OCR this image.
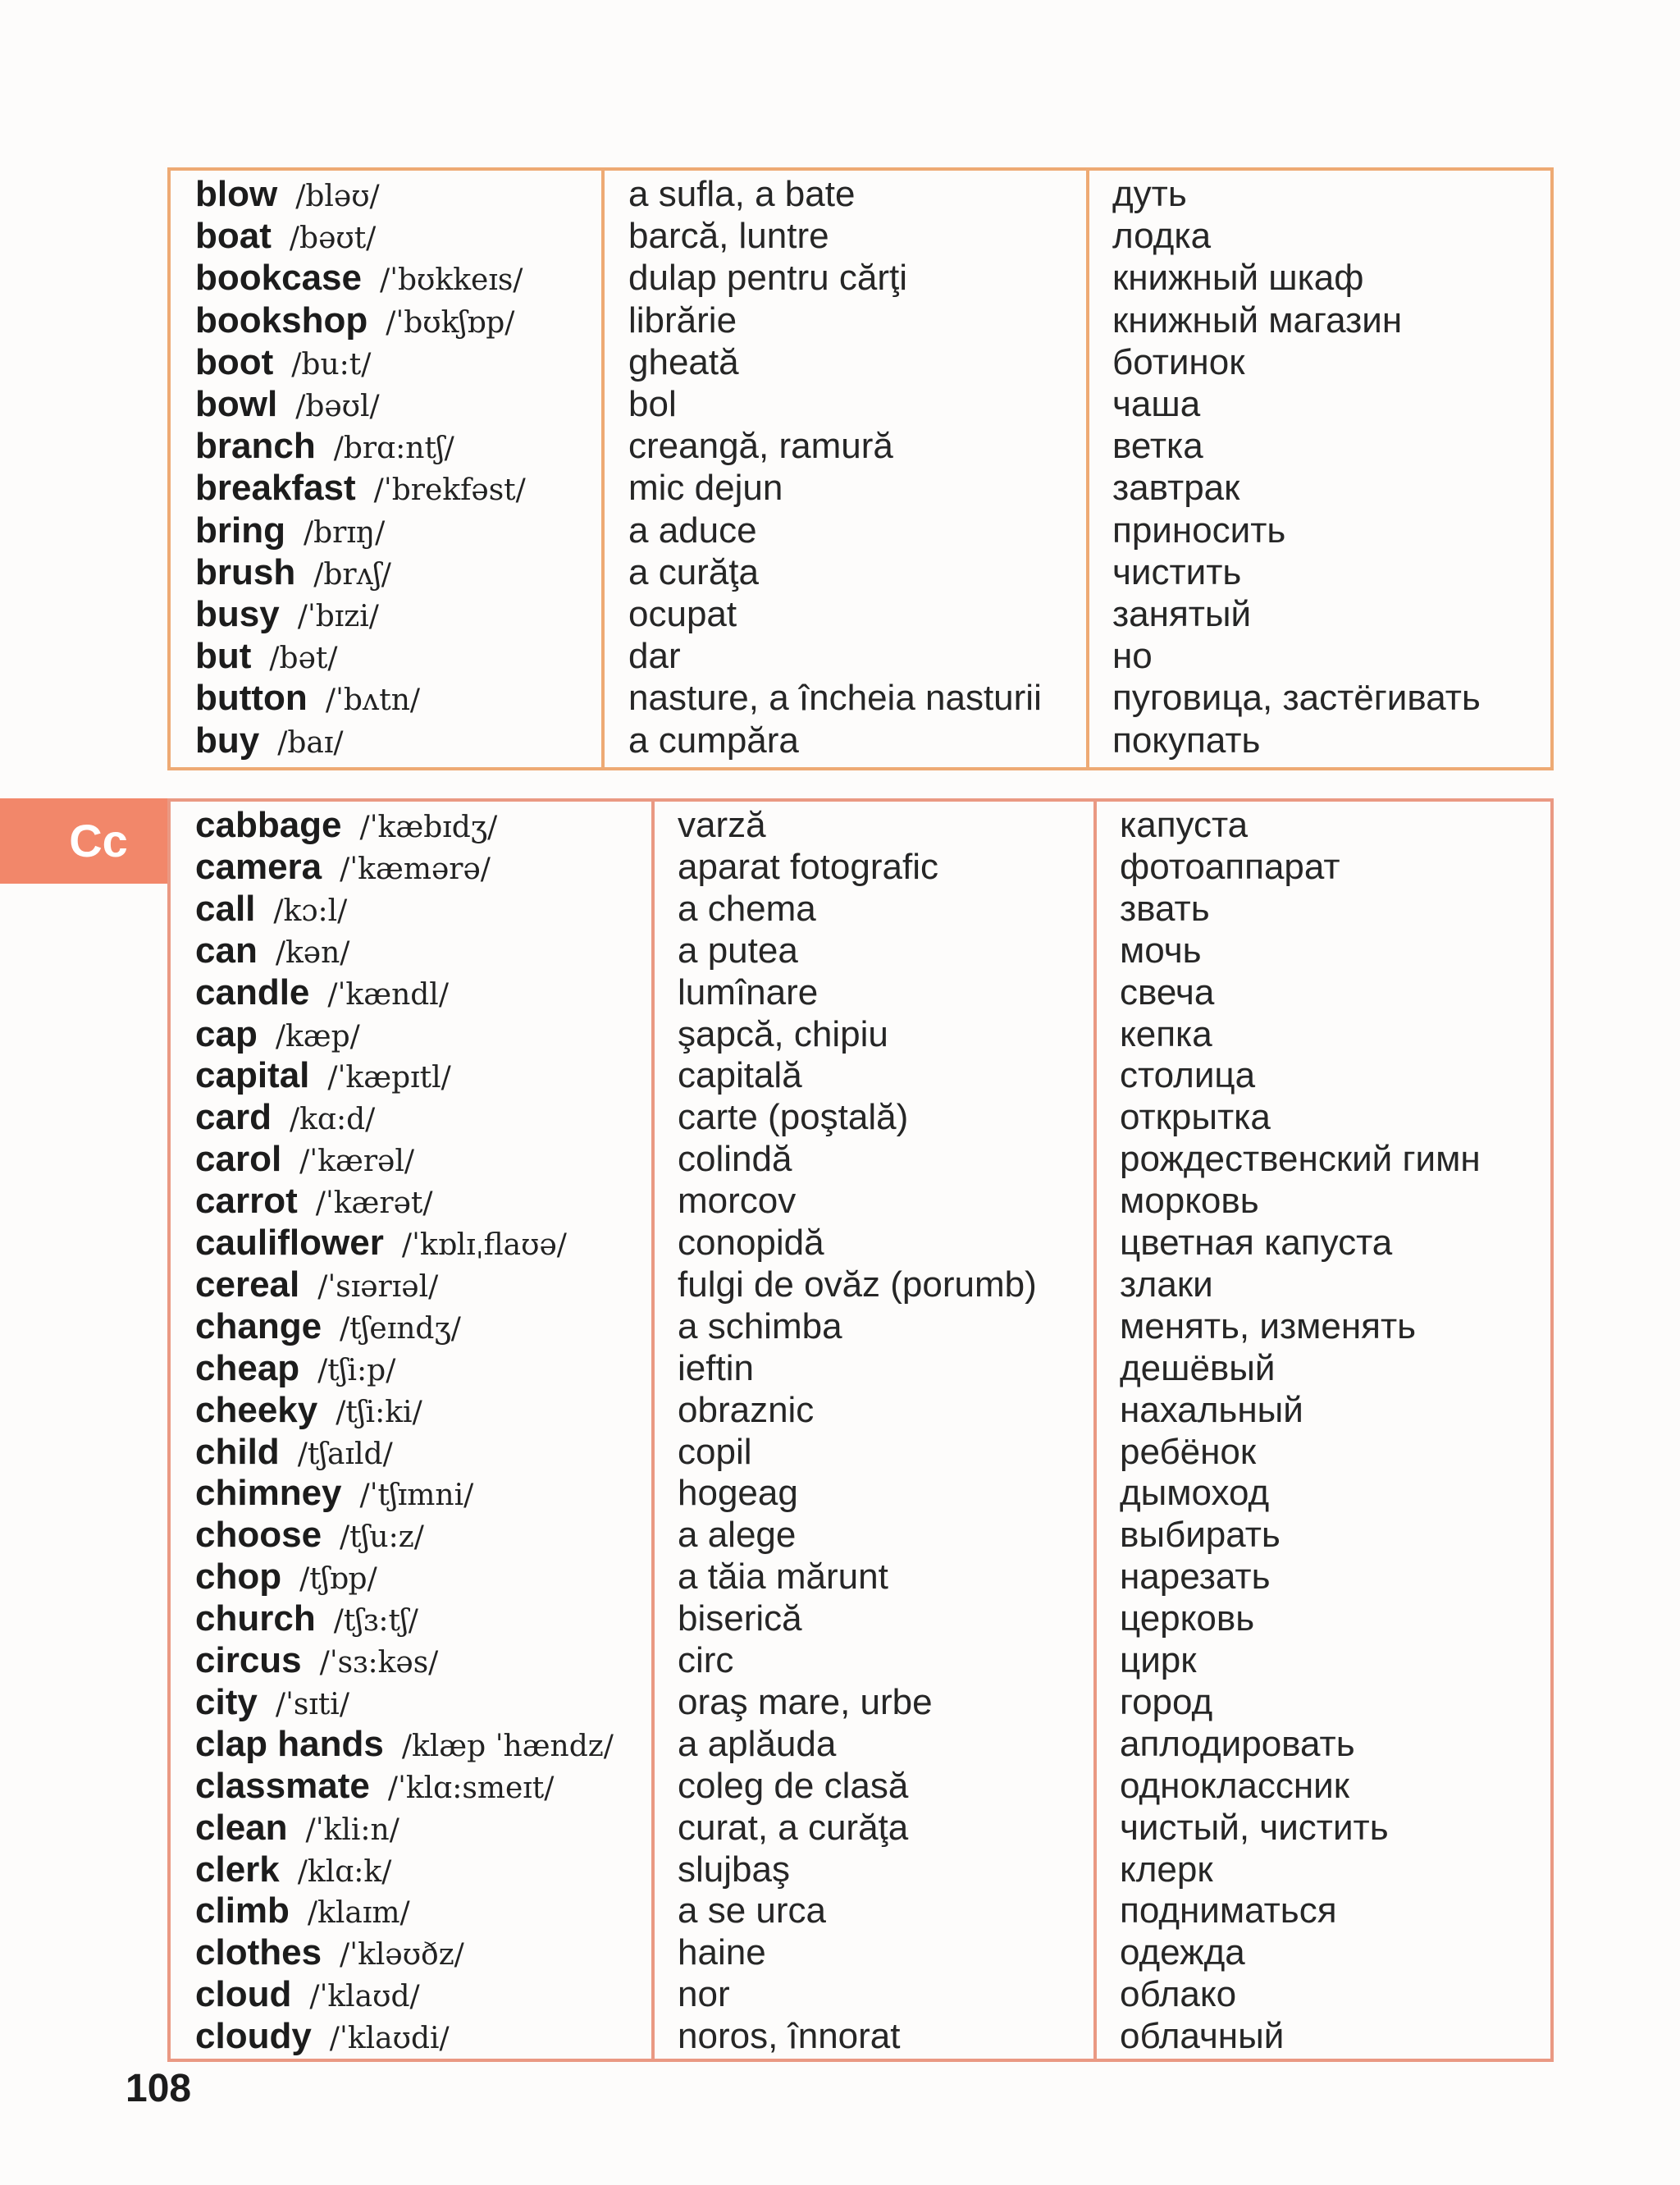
blow /bləʊ/
boat /bəʊt/
bookcase /ˈbʊkkeɪs/
bookshop /ˈbʊkʃɒp/
boot /bu:t/
bowl /bəʊl/
branch /brɑ:ntʃ/
breakfast /ˈbrekfəst/
bring /brɪŋ/
brush /brʌʃ/
busy /ˈbɪzi/
but /bət/
button /ˈbʌtn/
buy /baɪ/
a sufla, a bate
barcă, luntre
dulap pentru cărţi
librărie
gheată
bol
creangă, ramură
mic dejun
a aduce
a curăţa
ocupat
dar
nasture, a încheia nasturii
a cumpăra
дуть
лодка
книжный шкаф
книжный магазин
ботинок
чаша
ветка
завтрак
приносить
чистить
занятый
но
пуговица, застёгивать
покупать
Cc	cabbage /ˈkæbɪdʒ/
camera /ˈkæmərə/
call /kɔ:l/
can /kən/
candle /ˈkændl/
cap /kæp/
capital /ˈkæpɪtl/
card /kɑ:d/
carol /ˈkærəl/
carrot /ˈkærət/
cauliflower /ˈkɒlɪˌflaʊə/
cereal /ˈsɪərɪəl/
change /tʃeɪndʒ/
cheap /tʃi:p/
cheeky /tʃi:ki/
child /tʃaɪld/
chimney /ˈtʃɪmni/
choose /tʃu:z/
chop /tʃɒp/
church /tʃɜ:tʃ/
circus /ˈsɜ:kəs/
city /ˈsɪti/
clap hands /klæp ˈhændz/
classmate /ˈklɑ:smeɪt/
clean /ˈkli:n/
clerk /klɑ:k/
climb /klaɪm/
clothes /ˈkləʊðz/
cloud /ˈklaʊd/
cloudy /ˈklaʊdi/
varză
aparat fotografic
a chema
a putea
lumînare
şapcă, chipiu
capitală
carte (poştală)
colindă
morcov
conopidă
fulgi de ovăz (porumb)
a schimba
ieftin
obraznic
copil
hogeag
a alege
a tăia mărunt
biserică
circ
oraş mare, urbe
a aplăuda
coleg de clasă
curat, a curăţa
slujbaş
a se urca
haine
nor
noros, înnorat
капуста
фотоаппарат
звать
мочь
свеча
кепка
столица
открытка
рождественский гимн
морковь
цветная капуста
злаки
менять, изменять
дешёвый
нахальный
ребёнок
дымоход
выбирать
нарезать
церковь
цирк
город
аплодировать
одноклассник
чистый, чистить
клерк
подниматься
одежда
облако
облачный
108
